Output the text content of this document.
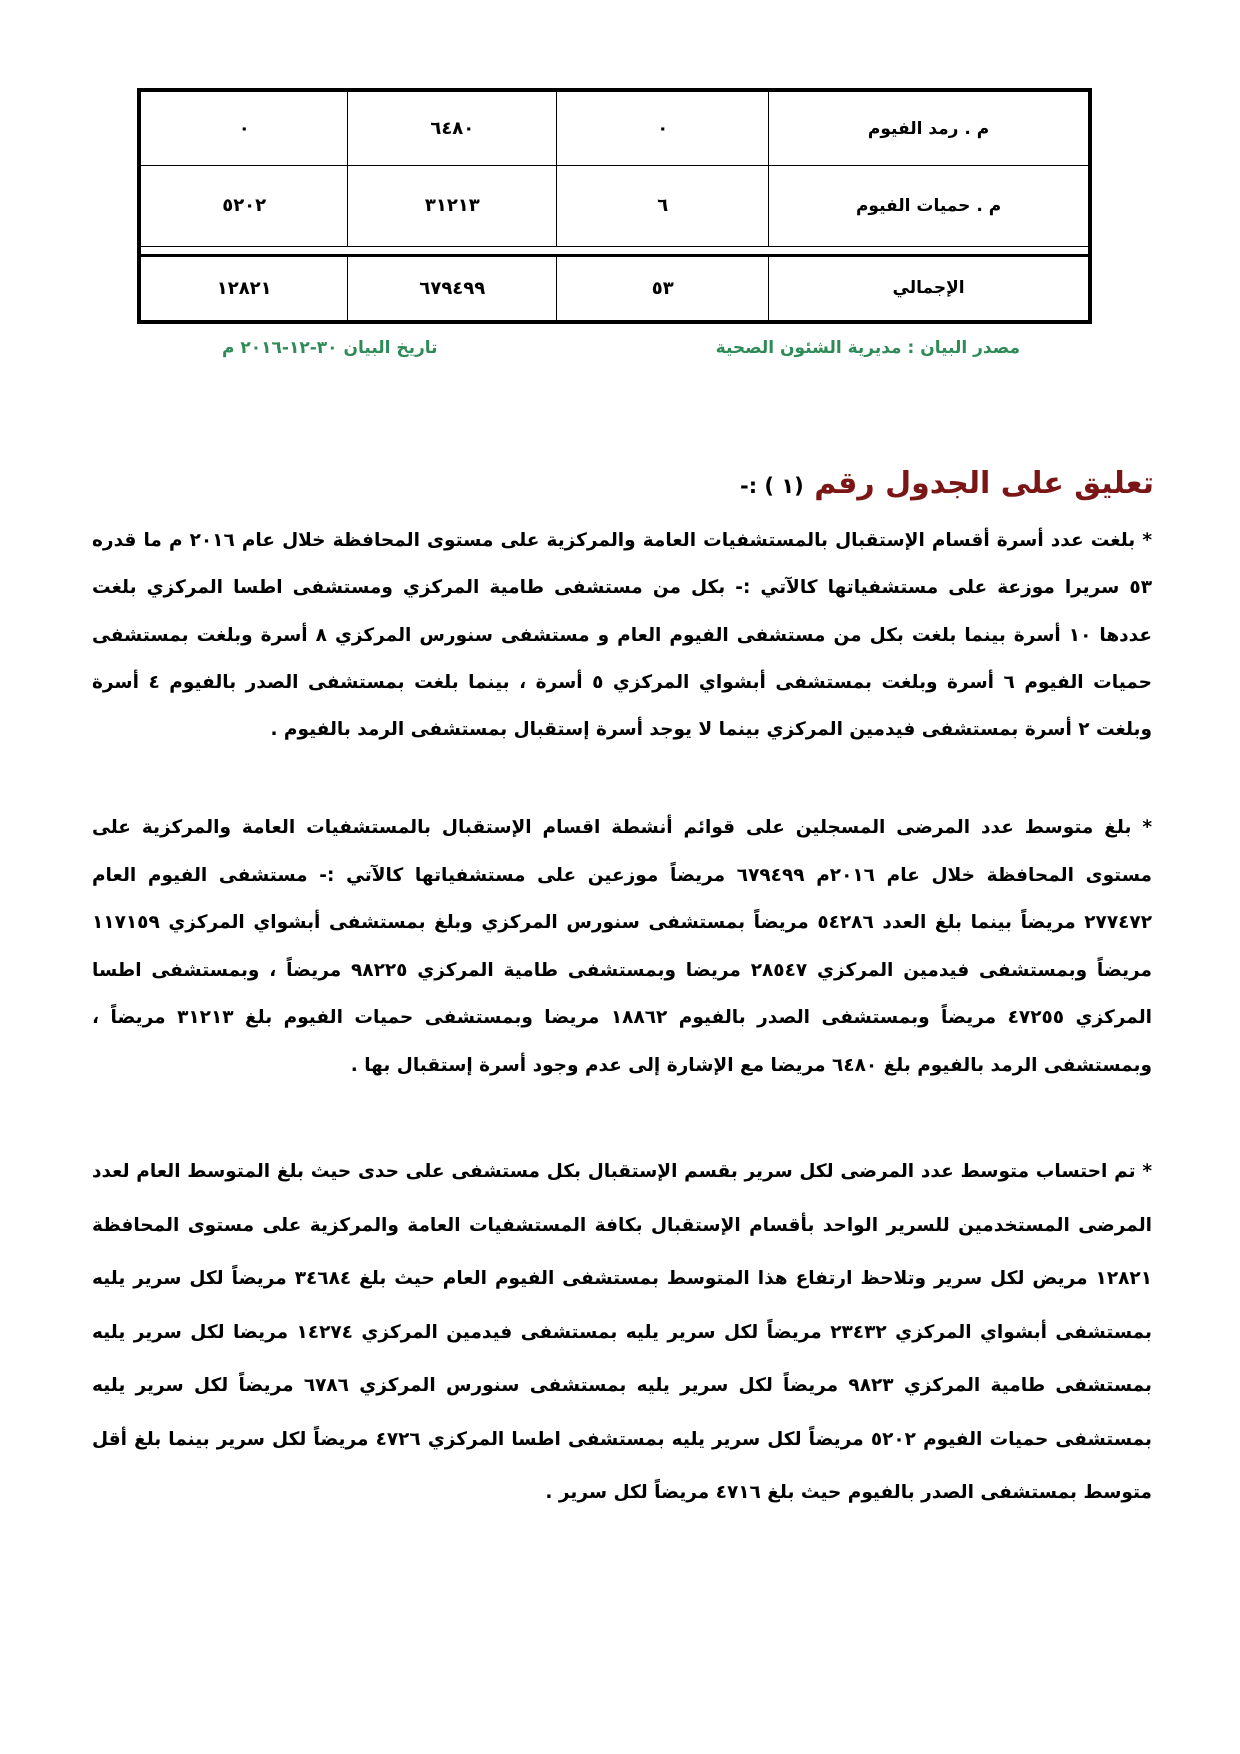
٠	٦٤٨٠	٠	م . رمد الفيوم
٥٢٠٢	٣١٢١٣	٦	م . حميات الفيوم

١٢٨٢١	٦٧٩٤٩٩	٥٣	الإجمالي
مصدر البيان : مديرية الشئون الصحية
تاريخ البيان ٣٠-١٢-٢٠١٦ م
تعليق على الجدول رقم (١ ) :-

* بلغت عدد أسرة أقسام الإستقبال بالمستشفيات العامة والمركزية على مستوى المحافظة خلال عام ٢٠١٦ م ما قدره ٥٣ سريرا موزعة على مستشفياتها كالآتي :- بكل من مستشفى طامية المركزي ومستشفى اطسا المركزي بلغت عددها ١٠ أسرة بينما بلغت بكل من مستشفى الفيوم العام و مستشفى سنورس المركزي ٨ أسرة وبلغت بمستشفى حميات الفيوم ٦ أسرة وبلغت بمستشفى أبشواي المركزي ٥ أسرة ، بينما بلغت بمستشفى الصدر بالفيوم ٤ أسرة وبلغت ٢ أسرة بمستشفى فيدمين المركزي بينما لا يوجد أسرة إستقبال بمستشفى الرمد بالفيوم .

* بلغ متوسط عدد المرضى المسجلين على قوائم أنشطة اقسام الإستقبال بالمستشفيات العامة والمركزية على مستوى المحافظة خلال عام ٢٠١٦م ٦٧٩٤٩٩ مريضاً موزعين على مستشفياتها كالآتي :- مستشفى الفيوم العام ٢٧٧٤٧٢ مريضاً بينما بلغ العدد ٥٤٢٨٦ مريضاً بمستشفى سنورس المركزي وبلغ بمستشفى أبشواي المركزي ١١٧١٥٩ مريضاً وبمستشفى فيدمين المركزي ٢٨٥٤٧ مريضا وبمستشفى طامية المركزي ٩٨٢٢٥ مريضاً ، وبمستشفى اطسا المركزي ٤٧٢٥٥ مريضاً وبمستشفى الصدر بالفيوم ١٨٨٦٢ مريضا وبمستشفى حميات الفيوم بلغ ٣١٢١٣ مريضاً ، وبمستشفى الرمد بالفيوم بلغ ٦٤٨٠ مريضا مع الإشارة إلى عدم وجود أسرة إستقبال بها .

* تم احتساب متوسط عدد المرضى لكل سرير بقسم الإستقبال بكل مستشفى على حدى حيث بلغ المتوسط العام لعدد المرضى المستخدمين للسرير الواحد بأقسام الإستقبال بكافة المستشفيات العامة والمركزية على مستوى المحافظة ١٢٨٢١ مريض لكل سرير وتلاحظ ارتفاع هذا المتوسط بمستشفى الفيوم العام حيث بلغ ٣٤٦٨٤ مريضاً لكل سرير يليه بمستشفى أبشواي المركزي ٢٣٤٣٢ مريضاً لكل سرير يليه بمستشفى فيدمين المركزي ١٤٢٧٤ مريضا لكل سرير يليه بمستشفى طامية المركزي ٩٨٢٣ مريضاً لكل سرير يليه بمستشفى سنورس المركزي ٦٧٨٦ مريضاً لكل سرير يليه بمستشفى حميات الفيوم ٥٢٠٢ مريضاً لكل سرير يليه بمستشفى اطسا المركزي ٤٧٢٦ مريضاً لكل سرير بينما بلغ أقل متوسط بمستشفى الصدر بالفيوم حيث بلغ ٤٧١٦ مريضاً لكل سرير .
